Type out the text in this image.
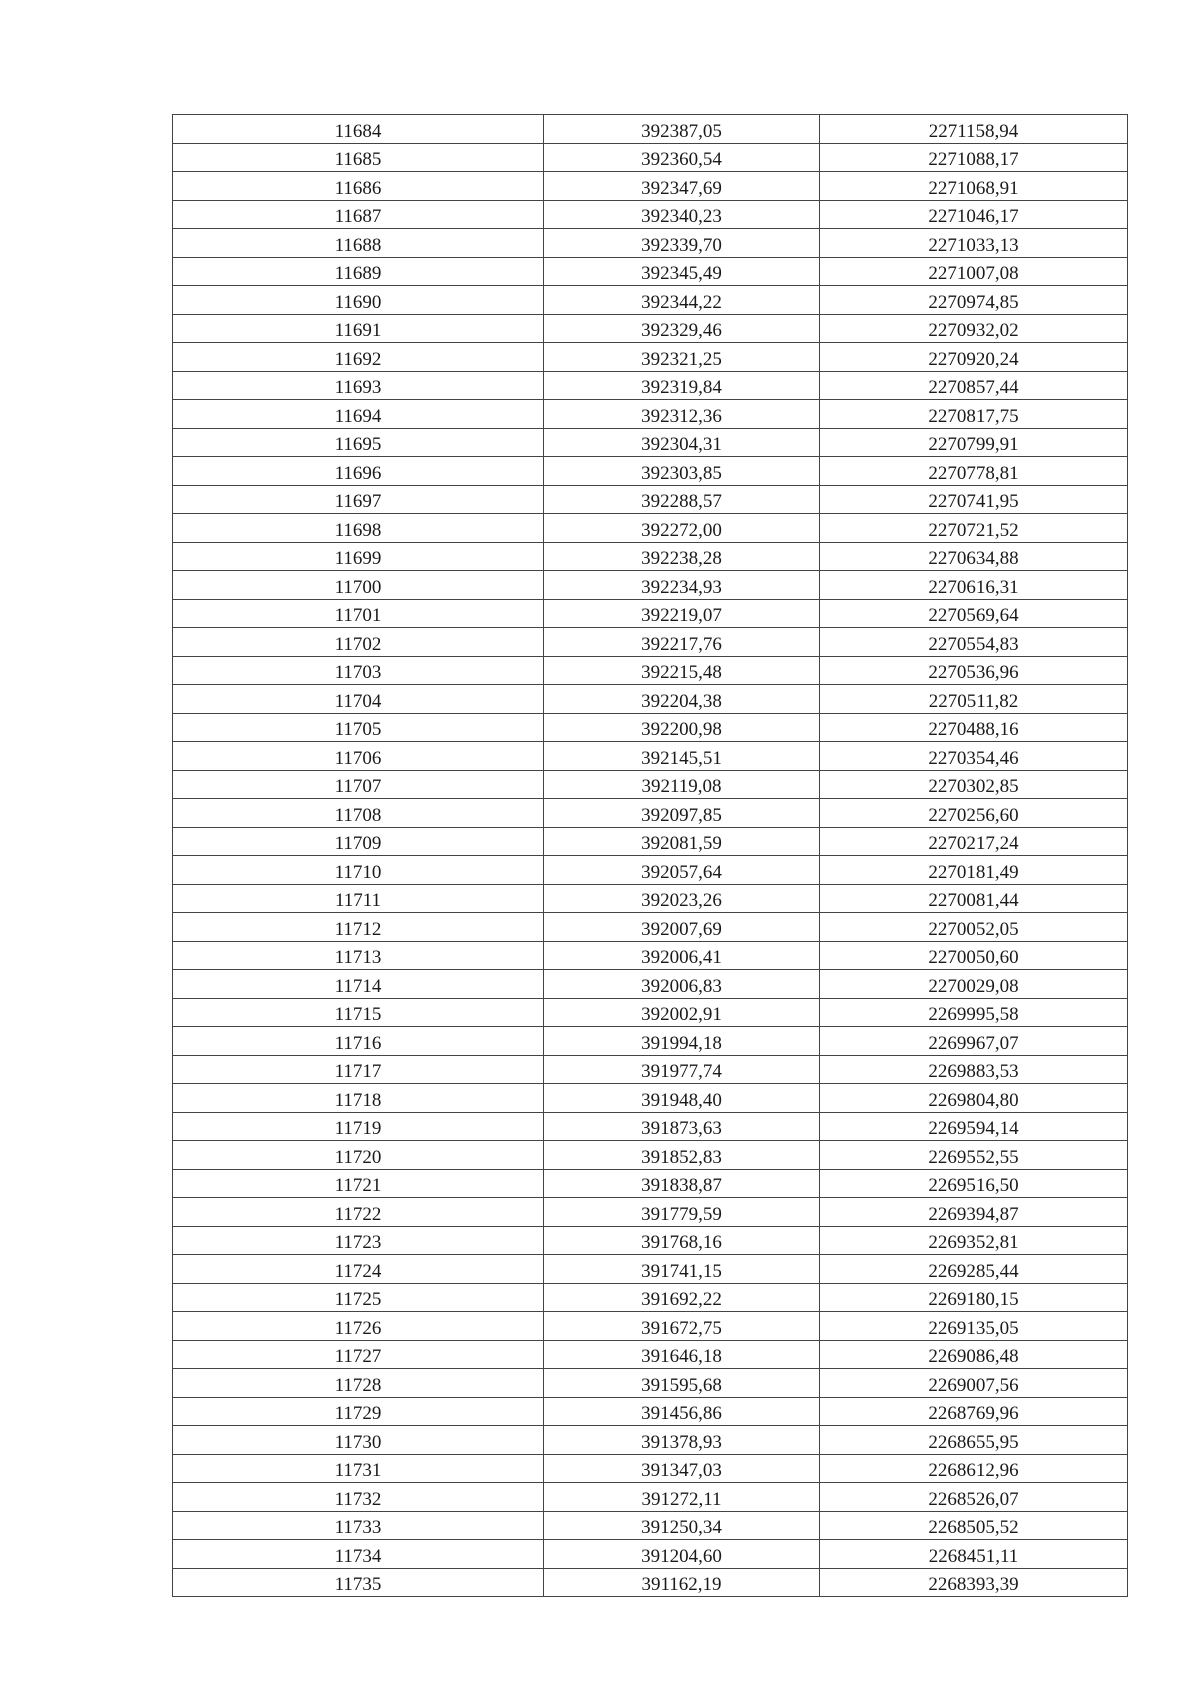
11684	392387,05	2271158,94
11685	392360,54	2271088,17
11686	392347,69	2271068,91
11687	392340,23	2271046,17
11688	392339,70	2271033,13
11689	392345,49	2271007,08
11690	392344,22	2270974,85
11691	392329,46	2270932,02
11692	392321,25	2270920,24
11693	392319,84	2270857,44
11694	392312,36	2270817,75
11695	392304,31	2270799,91
11696	392303,85	2270778,81
11697	392288,57	2270741,95
11698	392272,00	2270721,52
11699	392238,28	2270634,88
11700	392234,93	2270616,31
11701	392219,07	2270569,64
11702	392217,76	2270554,83
11703	392215,48	2270536,96
11704	392204,38	2270511,82
11705	392200,98	2270488,16
11706	392145,51	2270354,46
11707	392119,08	2270302,85
11708	392097,85	2270256,60
11709	392081,59	2270217,24
11710	392057,64	2270181,49
11711	392023,26	2270081,44
11712	392007,69	2270052,05
11713	392006,41	2270050,60
11714	392006,83	2270029,08
11715	392002,91	2269995,58
11716	391994,18	2269967,07
11717	391977,74	2269883,53
11718	391948,40	2269804,80
11719	391873,63	2269594,14
11720	391852,83	2269552,55
11721	391838,87	2269516,50
11722	391779,59	2269394,87
11723	391768,16	2269352,81
11724	391741,15	2269285,44
11725	391692,22	2269180,15
11726	391672,75	2269135,05
11727	391646,18	2269086,48
11728	391595,68	2269007,56
11729	391456,86	2268769,96
11730	391378,93	2268655,95
11731	391347,03	2268612,96
11732	391272,11	2268526,07
11733	391250,34	2268505,52
11734	391204,60	2268451,11
11735	391162,19	2268393,39
